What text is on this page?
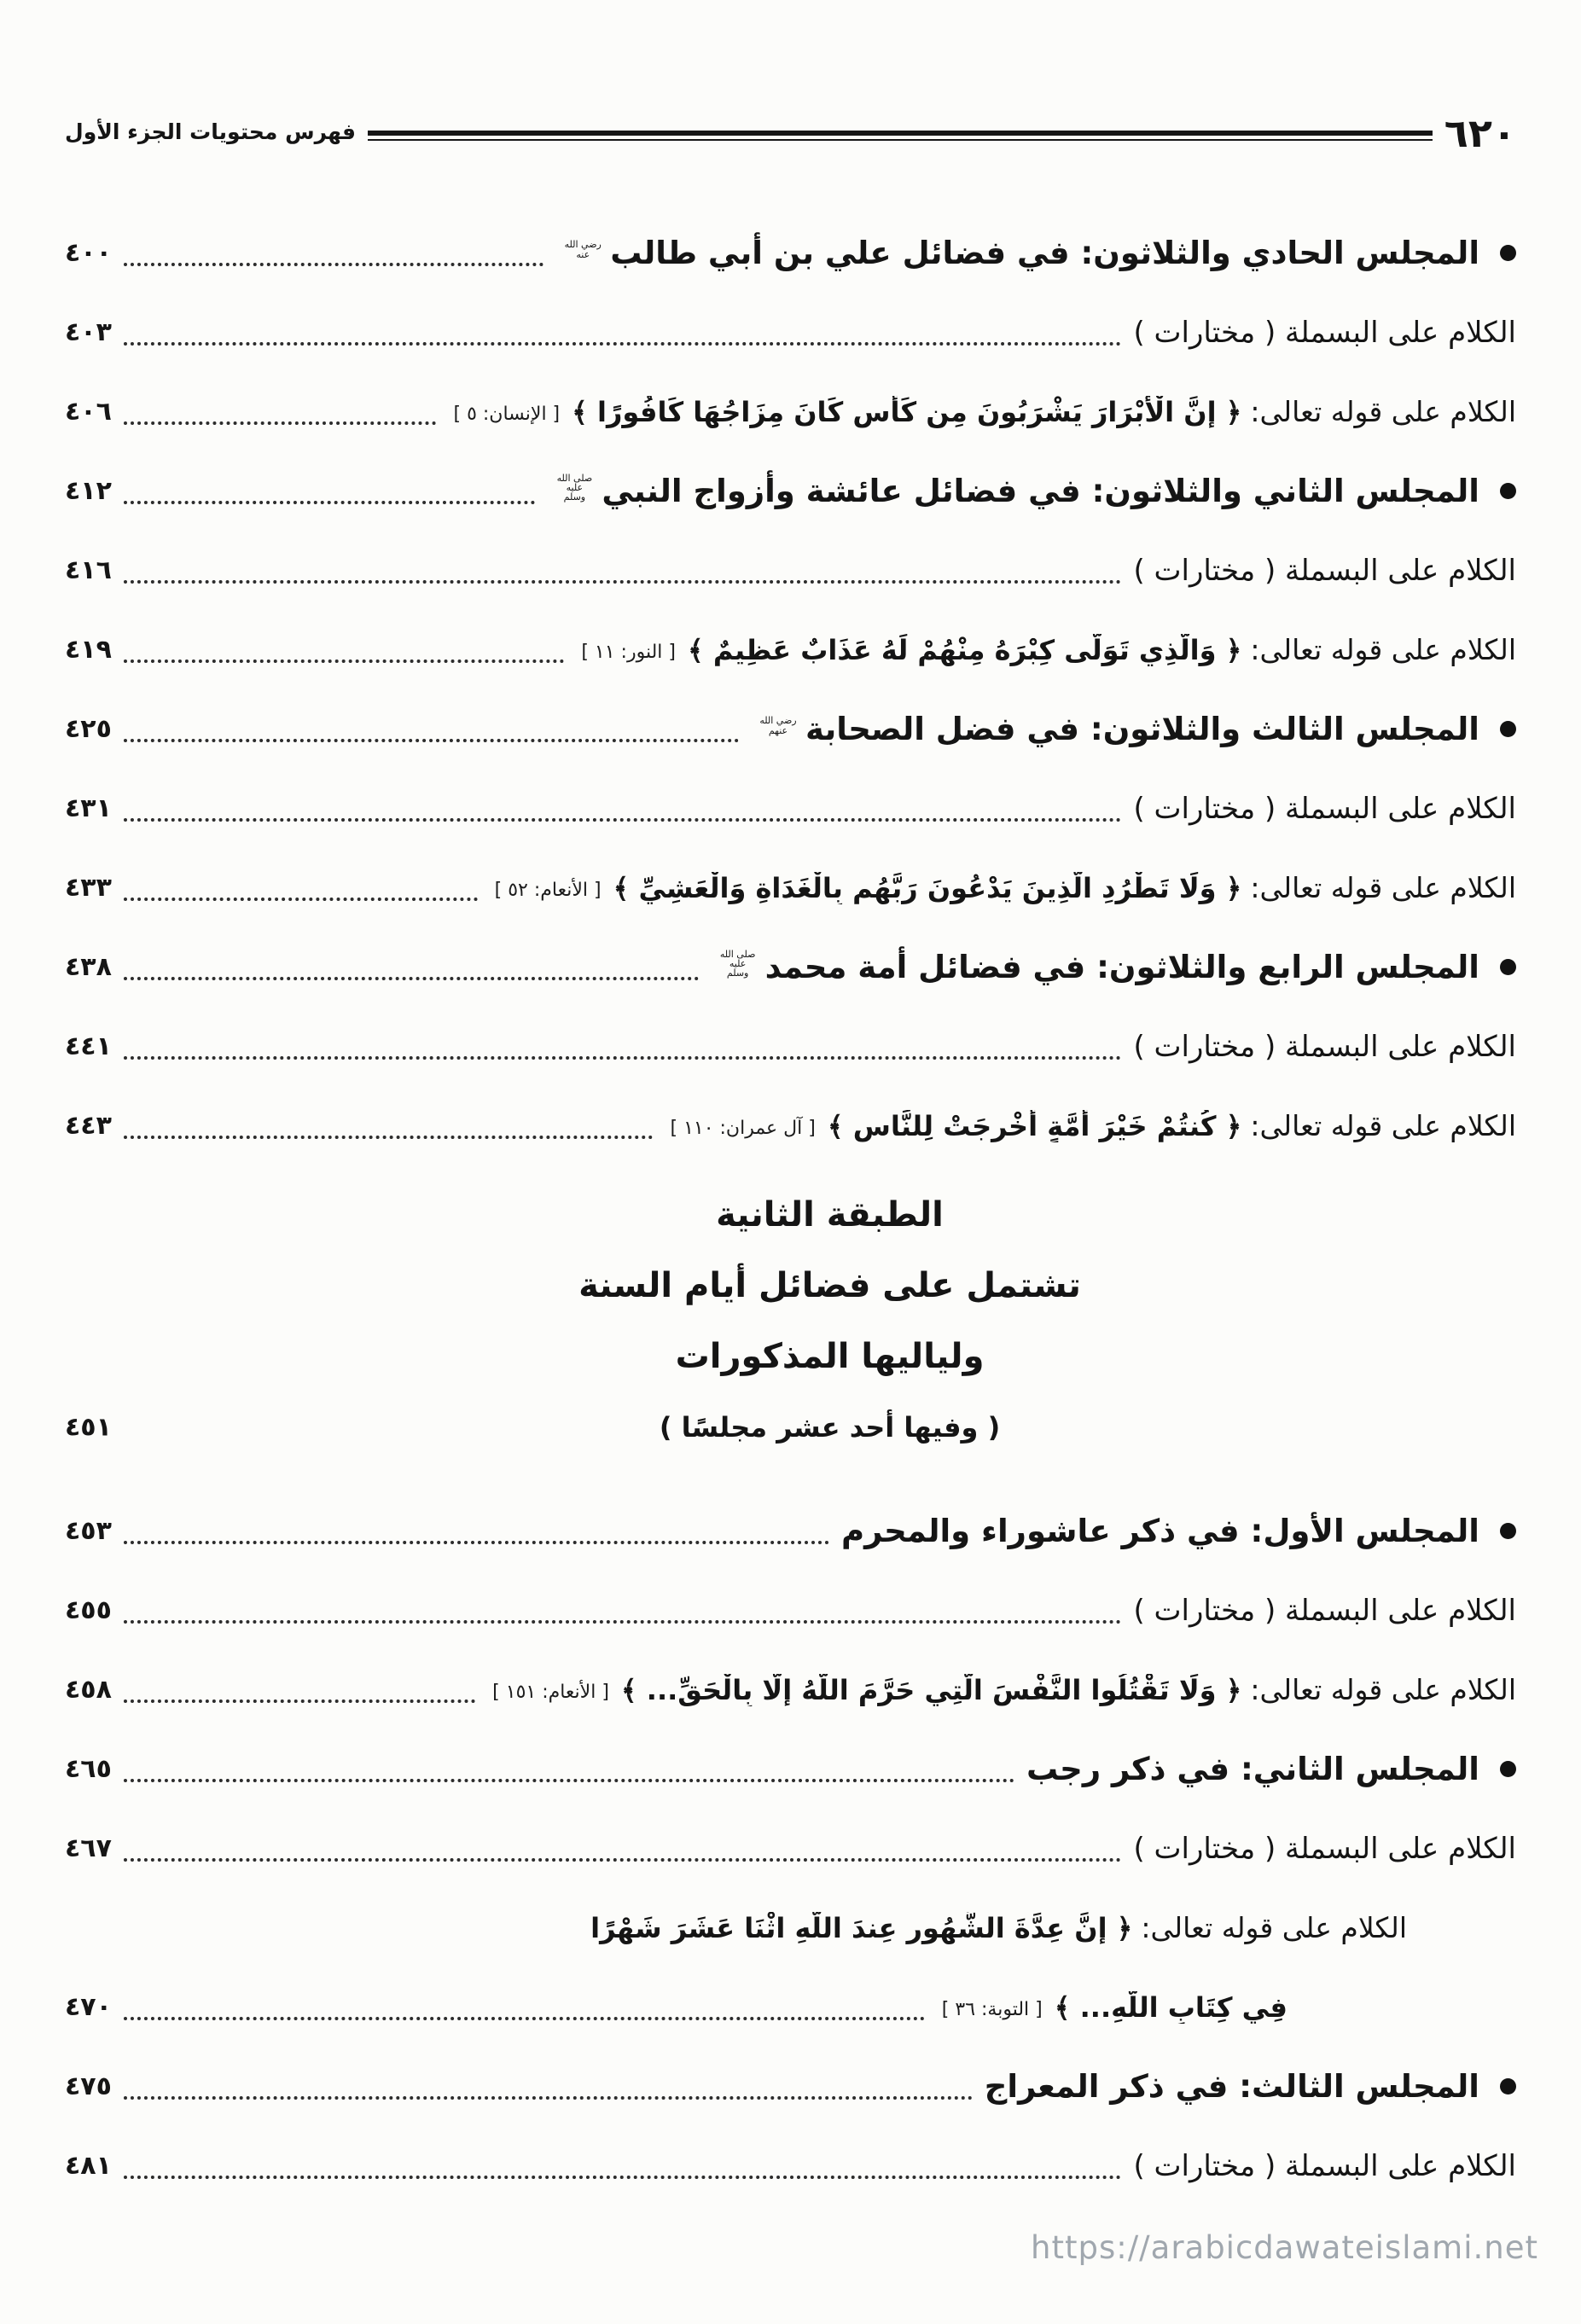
٦٢٠
فهرس محتويات الجزء الأول
المجلس الحادي والثلاثون: في فضائل علي بن أبي طالب
رضي الله عنه
٤٠٠
الكلام على البسملة ( مختارات )
٤٠٣
الكلام على قوله تعالى:
﴿ إِنَّ الْأَبْرَارَ يَشْرَبُونَ مِن كَأْسٍ كَانَ مِزَاجُهَا كَافُورًا ﴾
[ الإنسان: ٥ ]
٤٠٦
المجلس الثاني والثلاثون: في فضائل عائشة وأزواج النبي
صلى الله عليه وسلم
٤١٢
الكلام على البسملة ( مختارات )
٤١٦
الكلام على قوله تعالى:
﴿ وَالَّذِي تَوَلَّى كِبْرَهُ مِنْهُمْ لَهُ عَذَابٌ عَظِيمٌ ﴾
[ النور: ١١ ]
٤١٩
المجلس الثالث والثلاثون: في فضل الصحابة
رضي الله عنهم
٤٢٥
الكلام على البسملة ( مختارات )
٤٣١
الكلام على قوله تعالى:
﴿ وَلَا تَطْرُدِ الَّذِينَ يَدْعُونَ رَبَّهُم بِالْغَدَاةِ وَالْعَشِيِّ ﴾
[ الأنعام: ٥٢ ]
٤٣٣
المجلس الرابع والثلاثون: في فضائل أمة محمد
صلى الله عليه وسلم
٤٣٨
الكلام على البسملة ( مختارات )
٤٤١
الكلام على قوله تعالى:
﴿ كُنتُمْ خَيْرَ أُمَّةٍ أُخْرِجَتْ لِلنَّاسِ ﴾
[ آل عمران: ١١٠ ]
٤٤٣
الطبقة الثانية
تشتمل على فضائل أيام السنة
ولياليها المذكورات
( وفيها أحد عشر مجلسًا )
٤٥١
المجلس الأول: في ذكر عاشوراء والمحرم
٤٥٣
الكلام على البسملة ( مختارات )
٤٥٥
الكلام على قوله تعالى:
﴿ وَلَا تَقْتُلُوا النَّفْسَ الَّتِي حَرَّمَ اللَّهُ إِلَّا بِالْحَقِّ... ﴾
[ الأنعام: ١٥١ ]
٤٥٨
المجلس الثاني: في ذكر رجب
٤٦٥
الكلام على البسملة ( مختارات )
٤٦٧
الكلام على قوله تعالى:
﴿ إِنَّ عِدَّةَ الشُّهُورِ عِندَ اللَّهِ اثْنَا عَشَرَ شَهْرًا
فِي كِتَابِ اللَّهِ... ﴾
[ التوبة: ٣٦ ]
٤٧٠
المجلس الثالث: في ذكر المعراج
٤٧٥
الكلام على البسملة ( مختارات )
٤٨١
https://arabicdawateislami.net
